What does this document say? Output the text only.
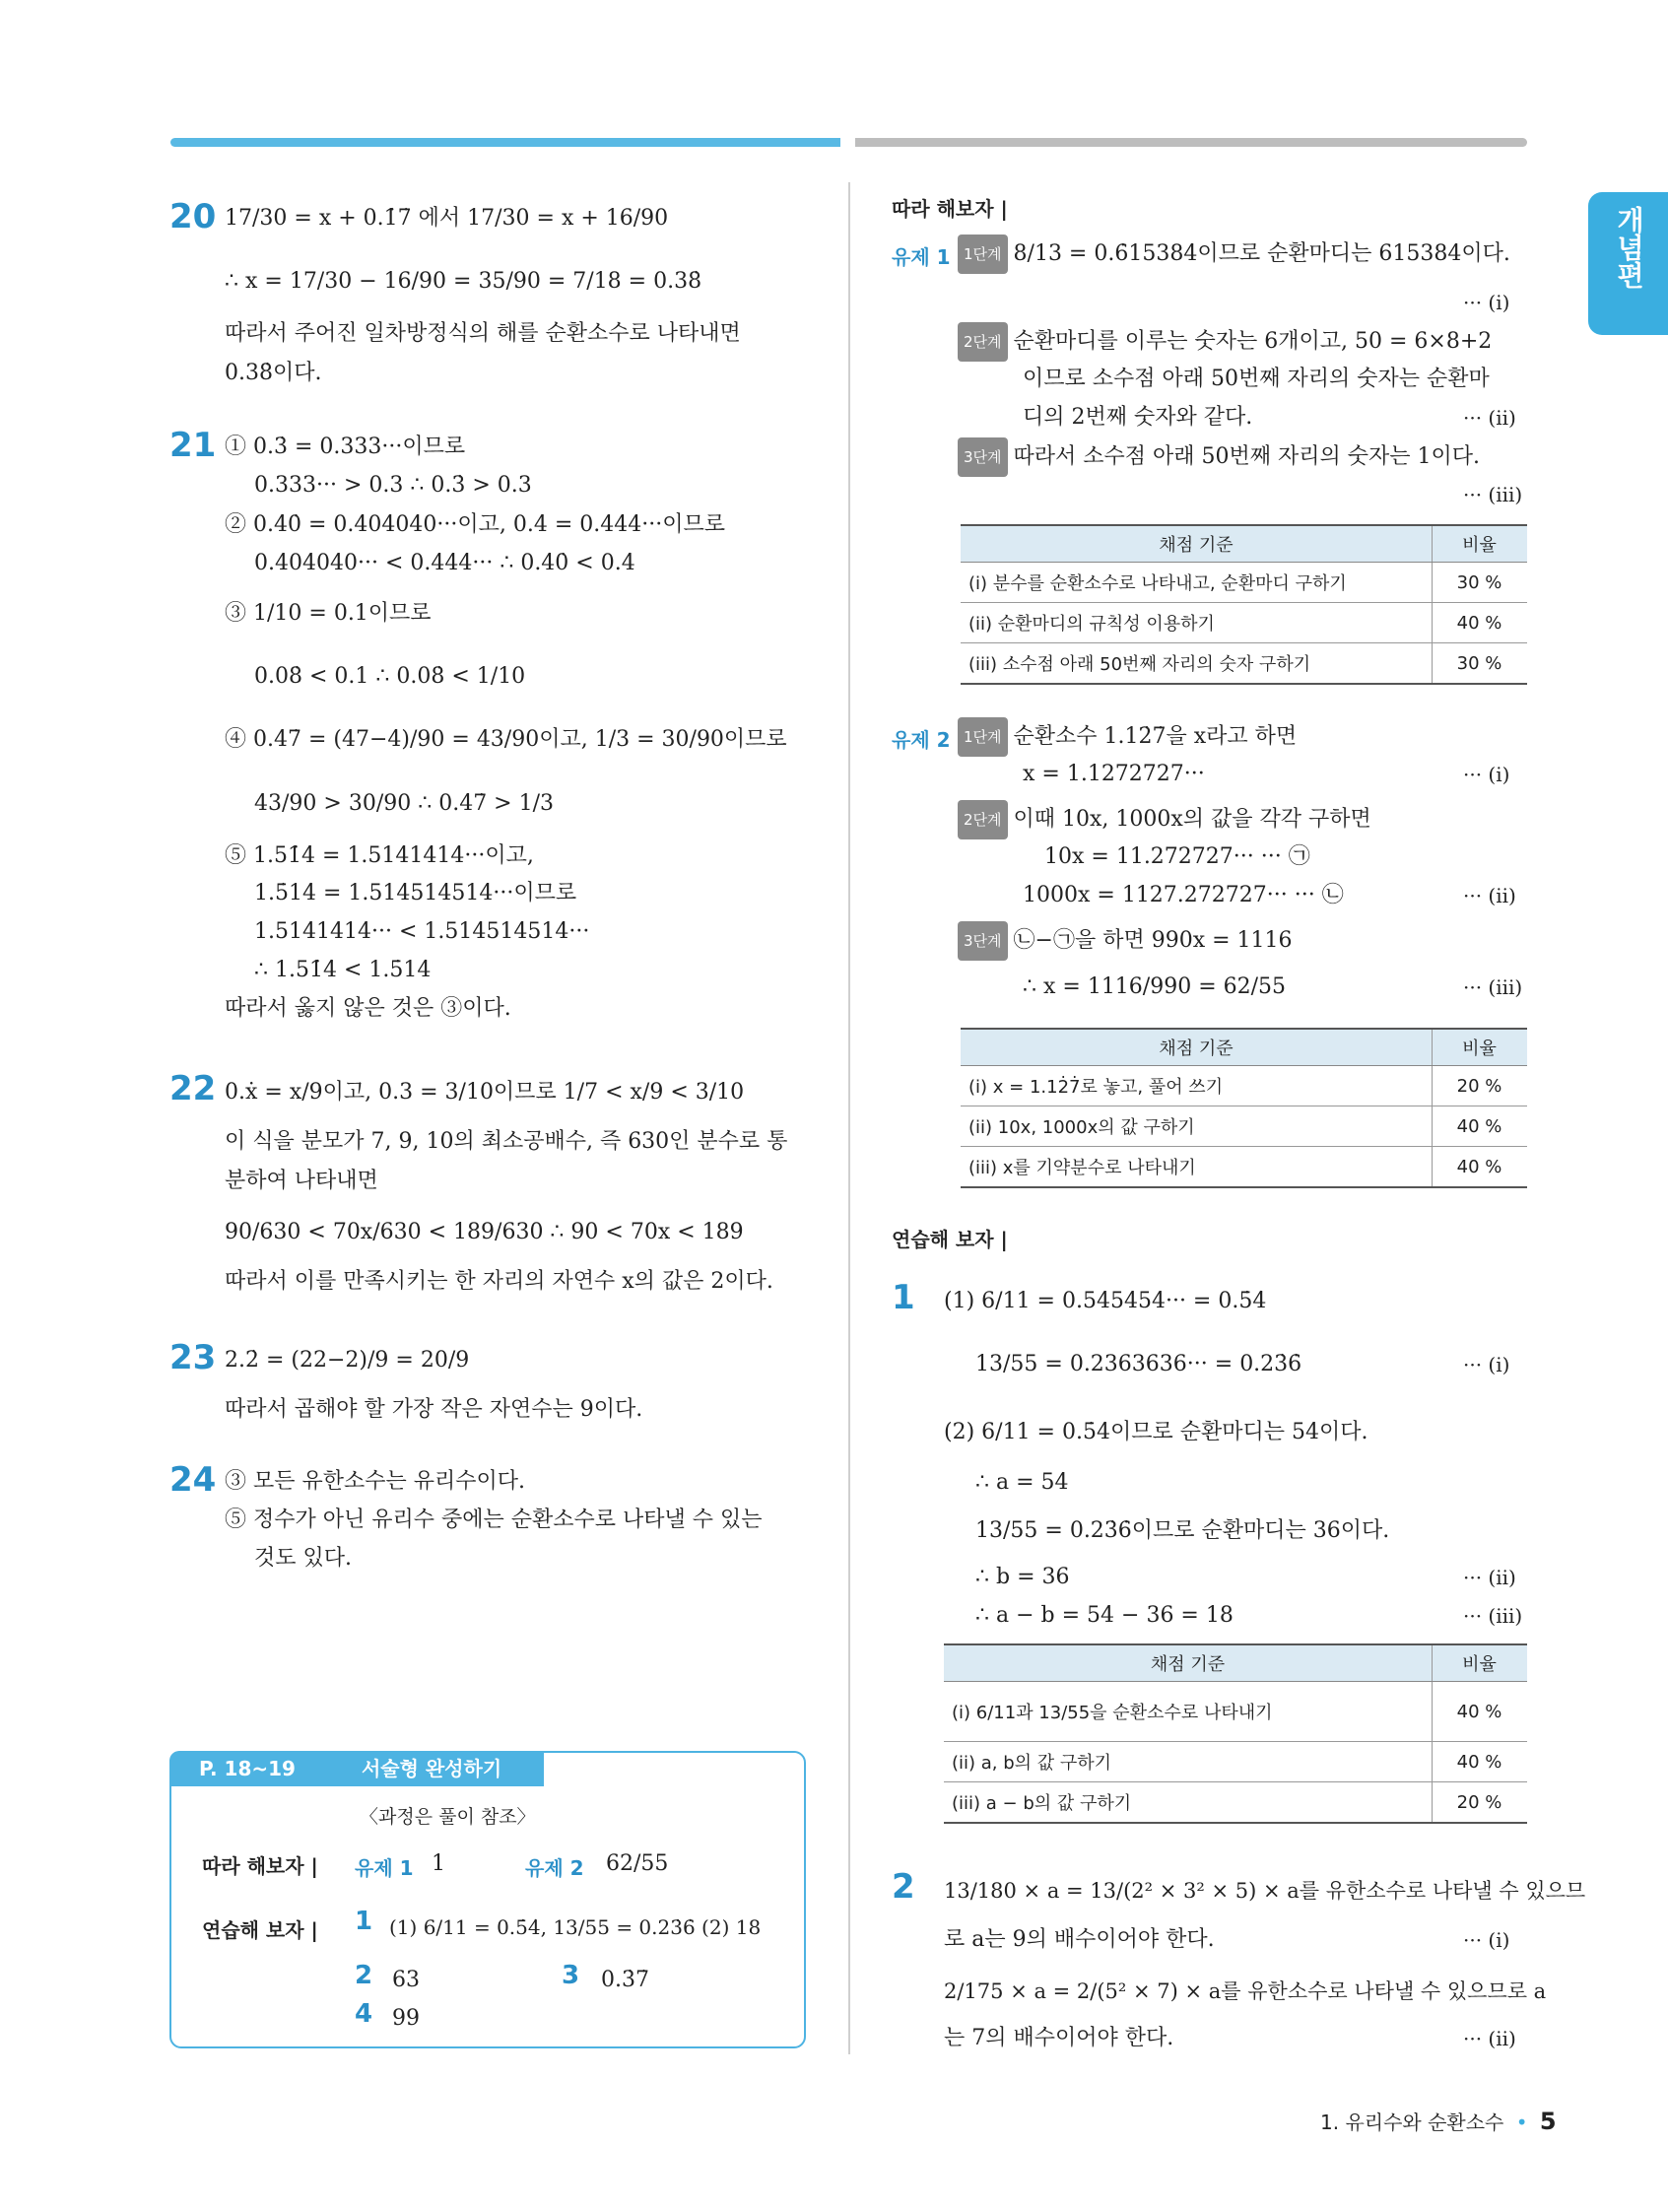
개념편
20 17/30 = x + 0.1̇7̇ 에서 17/30 = x + 16/90
∴ x = 17/30 − 16/90 = 35/90 = 7/18 = 0.38̇
따라서 주어진 일차방정식의 해를 순환소수로 나타내면
0.38̇이다.
21 ① 0.3̇ = 0.333···이므로
0.333··· > 0.3 ∴ 0.3̇ > 0.3
② 0.4̇0̇ = 0.404040···이고, 0.4̇ = 0.444···이므로
0.404040··· < 0.444··· ∴ 0.4̇0̇ < 0.4̇
③ 1/10 = 0.1이므로
0.08̇ < 0.1 ∴ 0.08̇ < 1/10
④ 0.47̇ = (47−4)/90 = 43/90이고, 1/3 = 30/90이므로
43/90 > 30/90 ∴ 0.47̇ > 1/3
⑤ 1.51̇4̇ = 1.5141414···이고,
1.5̇14̇ = 1.514514514···이므로
1.5141414··· < 1.514514514···
∴ 1.51̇4̇ < 1.5̇14̇
따라서 옳지 않은 것은 ③이다.
22 0.ẋ = x/9이고, 0.3 = 3/10이므로 1/7 < x/9 < 3/10
이 식을 분모가 7, 9, 10의 최소공배수, 즉 630인 분수로 통
분하여 나타내면
90/630 < 70x/630 < 189/630 ∴ 90 < 70x < 189
따라서 이를 만족시키는 한 자리의 자연수 x의 값은 2이다.
23 2.2̇ = (22−2)/9 = 20/9
따라서 곱해야 할 가장 작은 자연수는 9이다.
24 ③ 모든 유한소수는 유리수이다.
⑤ 정수가 아닌 유리수 중에는 순환소수로 나타낼 수 있는
것도 있다.
P. 18~19	서술형 완성하기
〈과정은 풀이 참조〉
따라 해보자 | 유제 1 1	유제 2 62/55
연습해 보자 | 1 (1) 6/11 = 0.5̇4̇, 13/55 = 0.23̇6̇ (2) 18
2 63	3 0.3̇7̇
4 99
따라 해보자 |
유제 1 1단계 8/13 = 0.6̇15384̇이므로 순환마디는 615384이다.
··· (i)
2단계 순환마디를 이루는 숫자는 6개이고, 50 = 6×8+2
이므로 소수점 아래 50번째 자리의 숫자는 순환마
디의 2번째 숫자와 같다.	··· (ii)
3단계 따라서 소수점 아래 50번째 자리의 숫자는 1이다.
··· (iii)
채점 기준	비율
(i) 분수를 순환소수로 나타내고, 순환마디 구하기	30 %
(ii) 순환마디의 규칙성 이용하기	40 %
(iii) 소수점 아래 50번째 자리의 숫자 구하기	30 %
유제 2 1단계 순환소수 1.12̇7̇을 x라고 하면
x = 1.1272727···	··· (i)
2단계 이때 10x, 1000x의 값을 각각 구하면
10x = 11.272727··· ··· ㉠
1000x = 1127.272727··· ··· ㉡	··· (ii)
3단계 ㉡−㉠을 하면 990x = 1116
∴ x = 1116/990 = 62/55	··· (iii)
채점 기준	비율
(i) x = 1.12̇7̇로 놓고, 풀어 쓰기	20 %
(ii) 10x, 1000x의 값 구하기	40 %
(iii) x를 기약분수로 나타내기	40 %
연습해 보자 |
1 (1) 6/11 = 0.545454··· = 0.5̇4̇
13/55 = 0.2363636··· = 0.23̇6̇	··· (i)
(2) 6/11 = 0.5̇4̇이므로 순환마디는 54이다.
∴ a = 54
13/55 = 0.23̇6̇이므로 순환마디는 36이다.
∴ b = 36	··· (ii)
∴ a − b = 54 − 36 = 18	··· (iii)
채점 기준	비율
(i) 6/11과 13/55을 순환소수로 나타내기	40 %
(ii) a, b의 값 구하기	40 %
(iii) a − b의 값 구하기	20 %
2 13/180 × a = 13/(2² × 3² × 5) × a를 유한소수로 나타낼 수 있으므
로 a는 9의 배수이어야 한다.	··· (i)
2/175 × a = 2/(5² × 7) × a를 유한소수로 나타낼 수 있으므로 a
는 7의 배수이어야 한다.	··· (ii)
1. 유리수와 순환소수 • 5
